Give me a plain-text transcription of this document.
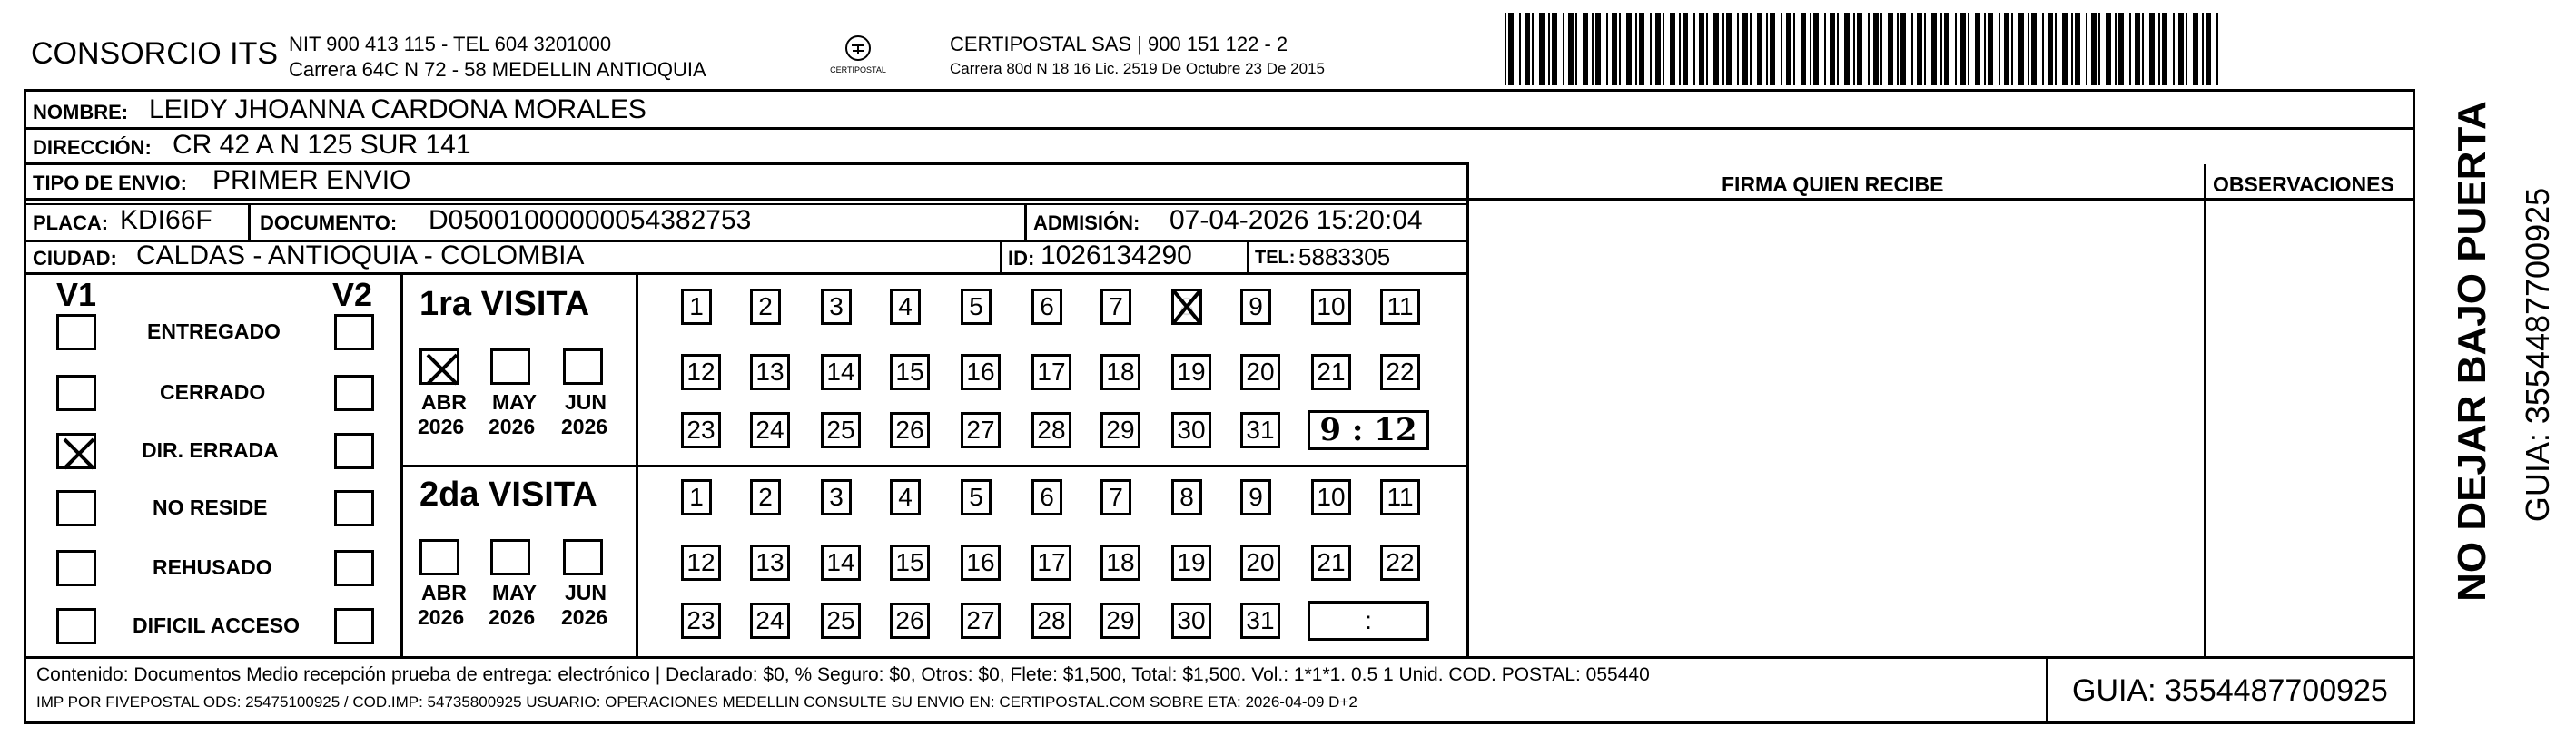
CONSORCIO ITS NIT 900 413 115 - TEL 604 3201000
Carrera 64C N 72 - 58 MEDELLIN ANTIOQUIA	CERTIPOSTAL
CERTIPOSTAL SAS | 900 151 122 - 2
Carrera 80d N 18 16 Lic. 2519 De Octubre 23 De 2015
NOMBRE: LEIDY JHOANNA CARDONA MORALES
DIRECCIÓN: CR 42 A N 125 SUR 141
TIPO DE ENVIO: PRIMER ENVIO	FIRMA QUIEN RECIBE	OBSERVACIONES
PLACA: KDI66F DOCUMENTO: D05001000000054382753	ADMISIÓN: 07-04-2026 15:20:04
CIUDAD: CALDAS - ANTIOQUIA - COLOMBIA	ID: 1026134290	TEL: 5883305
V1	V2
ENTREGADO
CERRADO
DIR. ERRADA
NO RESIDE
REHUSADO
DIFICIL ACCESO
1ra VISITA
ABR
2026
MAY
2026
JUN
2026
1	2	3	4	5	6	7	8	9	10 11
12 13 14 15 16 17 18 19 20 21 22
23 24 25 26 27 28 29 30 31	9 : 12
2da VISITA
ABR
2026
MAY
2026
JUN
2026
1	2	3	4	5	6	7	8	9	10 11
12 13 14 15 16 17 18 19 20 21 22
23 24 25 26 27 28 29 30 31	:
Contenido: Documentos Medio recepción prueba de entrega: electrónico | Declarado: $0, % Seguro: $0, Otros: $0, Flete: $1,500, Total: $1,500. Vol.: 1*1*1. 0.5 1 Unid. COD. POSTAL: 055440
IMP POR FIVEPOSTAL ODS: 25475100925 / COD.IMP: 54735800925 USUARIO: OPERACIONES MEDELLIN CONSULTE SU ENVIO EN: CERTIPOSTAL.COM SOBRE ETA: 2026-04-09 D+2	GUIA: 3554487700925
NO DEJAR BAJO PUERTA GUIA: 3554487700925
